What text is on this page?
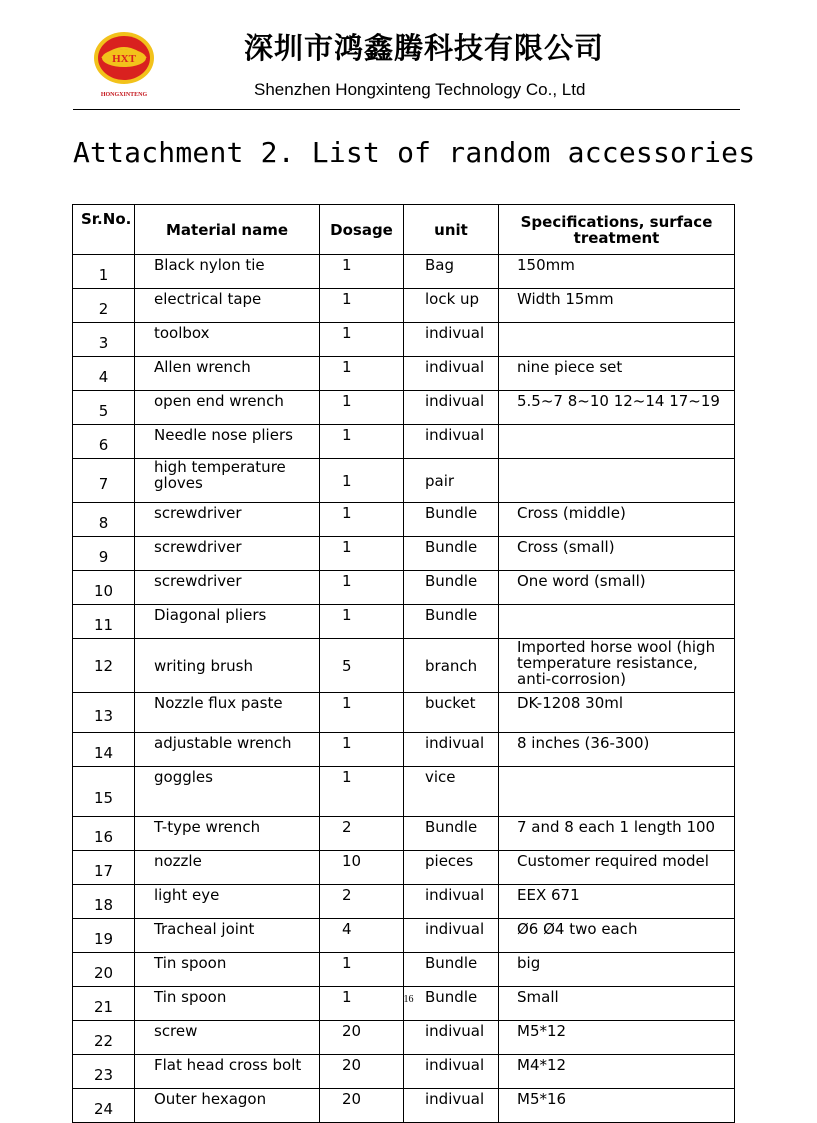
HXT
HONGXINTENG
深圳市鸿鑫腾科技有限公司
Shenzhen Hongxinteng Technology Co., Ltd
Attachment 2. List of random accessories
Sr.No.	Material name	Dosage	unit	Specifications, surface treatment
1	Black nylon tie	1	Bag	150mm
2	electrical tape	1	lock up	Width 15mm
3	toolbox	1	indivual	
4	Allen wrench	1	indivual	nine piece set
5	open end wrench	1	indivual	5.5~7 8~10 12~14 17~19
6	Needle nose pliers	1	indivual	
7	high temperature gloves	1	pair	
8	screwdriver	1	Bundle	Cross (middle)
9	screwdriver	1	Bundle	Cross (small)
10	screwdriver	1	Bundle	One word (small)
11	Diagonal pliers	1	Bundle	
12	writing brush	5	branch	Imported horse wool (high temperature resistance, anti-corrosion)
13	Nozzle flux paste	1	bucket	DK-1208 30ml
14	adjustable wrench	1	indivual	8 inches (36-300)
15	goggles	1	vice	
16	T-type wrench	2	Bundle	7 and 8 each 1 length 100
17	nozzle	10	pieces	Customer required model
18	light eye	2	indivual	EEX 671
19	Tracheal joint	4	indivual	Ø6 Ø4 two each
20	Tin spoon	1	Bundle	big
21	Tin spoon	1	Bundle	Small
22	screw	20	indivual	M5*12
23	Flat head cross bolt	20	indivual	M4*12
24	Outer hexagon	20	indivual	M5*16
16
